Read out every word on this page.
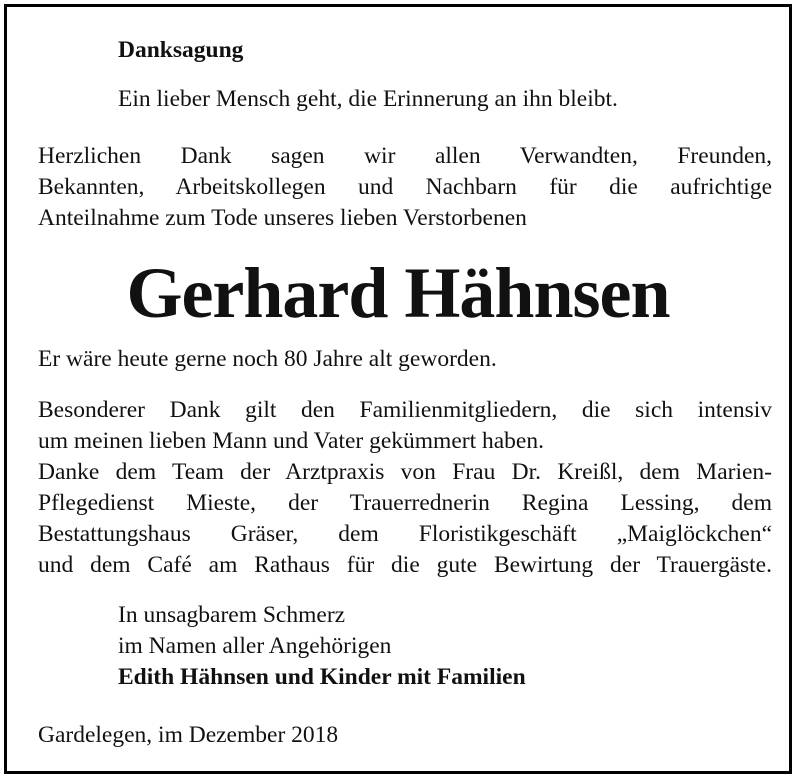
Danksagung

Ein lieber Mensch geht, die Erinnerung an ihn bleibt.

Herzlichen Dank sagen wir allen Verwandten, Freunden,

Bekannten, Arbeitskollegen und Nachbarn für die aufrichtige

Anteilnahme zum Tode unseres lieben Verstorbenen

Gerhard Hähnsen

Er wäre heute gerne noch 80 Jahre alt geworden.

Besonderer Dank gilt den Familienmitgliedern, die sich intensiv

um meinen lieben Mann und Vater gekümmert haben.

Danke dem Team der Arztpraxis von Frau Dr. Kreißl, dem Marien-

Pflegedienst Mieste, der Trauerrednerin Regina Lessing, dem

Bestattungshaus Gräser, dem Floristikgeschäft „Maiglöckchen“

und dem Café am Rathaus für die gute Bewirtung der Trauergäste.

In unsagbarem Schmerz

im Namen aller Angehörigen

Edith Hähnsen und Kinder mit Familien

Gardelegen, im Dezember 2018
